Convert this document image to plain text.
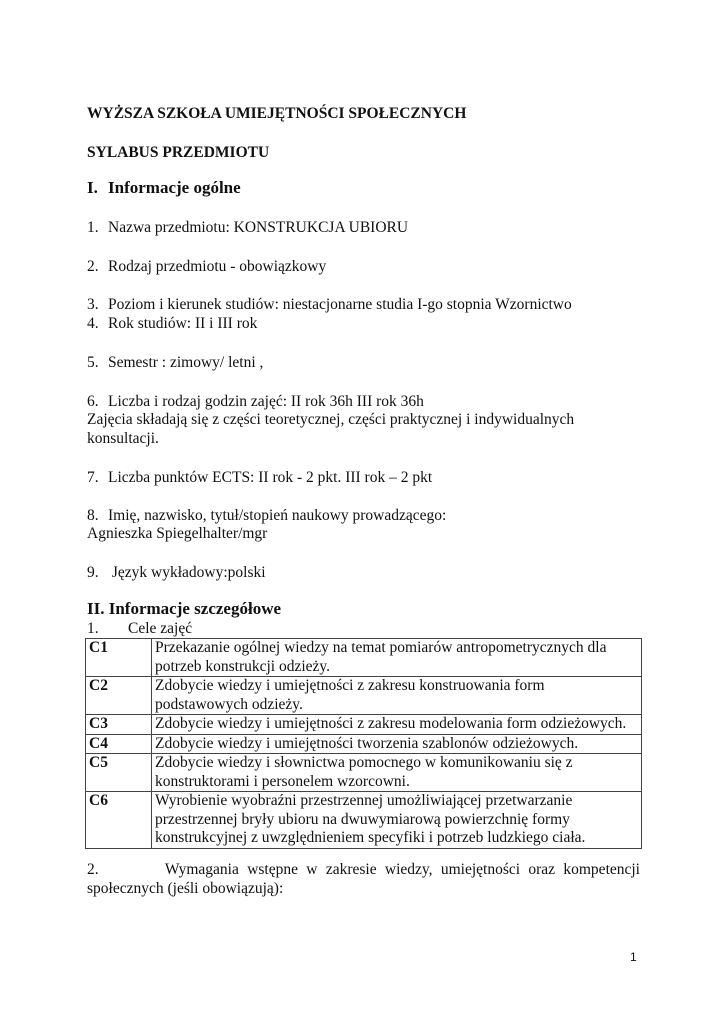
WYŻSZA SZKOŁA UMIEJĘTNOŚCI SPOŁECZNYCH
SYLABUS PRZEDMIOTU
I. Informacje ogólne
1. Nazwa przedmiotu: KONSTRUKCJA UBIORU
2. Rodzaj przedmiotu - obowiązkowy
3. Poziom i kierunek studiów: niestacjonarne studia I-go stopnia Wzornictwo
4. Rok studiów: II i III rok
5. Semestr : zimowy/ letni ,
6. Liczba i rodzaj godzin zajęć: II rok 36h III rok 36h
Zajęcia składają się z części teoretycznej, części praktycznej i indywidualnych
konsultacji.
7. Liczba punktów ECTS: II rok - 2 pkt. III rok – 2 pkt
8. Imię, nazwisko, tytuł/stopień naukowy prowadzącego:
Agnieszka Spiegelhalter/mgr
9. Język wykładowy:polski
II. Informacje szczegółowe
1. Cele zajęć
C1	Przekazanie ogólnej wiedzy na temat pomiarów antropometrycznych dla potrzeb konstrukcji odzieży.
C2	Zdobycie wiedzy i umiejętności z zakresu konstruowania form podstawowych odzieży.
C3	Zdobycie wiedzy i umiejętności z zakresu modelowania form odzieżowych.
C4	Zdobycie wiedzy i umiejętności tworzenia szablonów odzieżowych.
C5	Zdobycie wiedzy i słownictwa pomocnego w komunikowaniu się z konstruktorami i personelem wzorcowni.
C6	Wyrobienie wyobraźni przestrzennej umożliwiającej przetwarzanie przestrzennej bryły ubioru na dwuwymiarową powierzchnię formy konstrukcyjnej z uwzględnieniem specyfiki i potrzeb ludzkiego ciała.
2.        Wymagania wstępne w zakresie wiedzy, umiejętności oraz kompetencji
społecznych (jeśli obowiązują):
1
